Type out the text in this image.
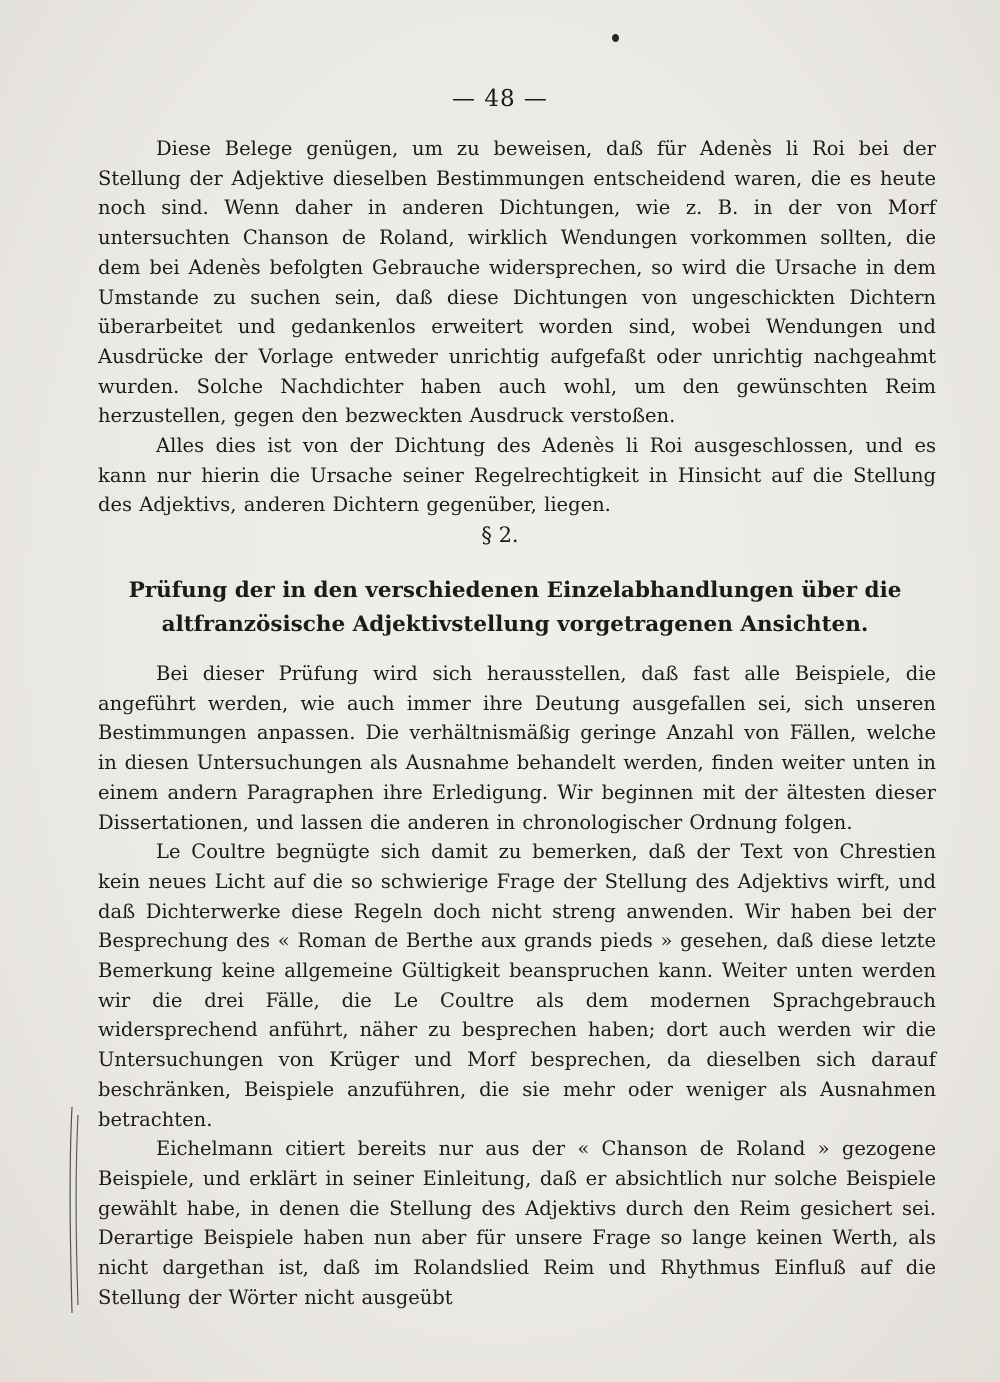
— 48 —

Diese Belege genügen, um zu beweisen, daß für Adenès li Roi bei der Stellung der Adjektive dieselben Bestimmungen entscheidend waren, die es heute noch sind. Wenn daher in anderen Dichtungen, wie z. B. in der von Morf untersuchten Chanson de Roland, wirklich Wendungen vorkommen sollten, die dem bei Adenès befolgten Gebrauche widersprechen, so wird die Ursache in dem Umstande zu suchen sein, daß diese Dichtungen von ungeschickten Dichtern überarbeitet und gedankenlos erweitert worden sind, wobei Wendungen und Ausdrücke der Vorlage entweder unrichtig aufgefaßt oder unrichtig nachgeahmt wurden. Solche Nachdichter haben auch wohl, um den gewünschten Reim herzustellen, gegen den bezweckten Ausdruck verstoßen.

Alles dies ist von der Dichtung des Adenès li Roi ausgeschlossen, und es kann nur hierin die Ursache seiner Regelrechtigkeit in Hinsicht auf die Stellung des Adjektivs, anderen Dichtern gegenüber, liegen.

§ 2.
Prüfung der in den verschiedenen Einzelabhandlungen über die altfranzösische Adjektivstellung vorgetragenen Ansichten.

Bei dieser Prüfung wird sich herausstellen, daß fast alle Beispiele, die angeführt werden, wie auch immer ihre Deutung ausgefallen sei, sich unseren Bestimmungen anpassen. Die verhältnismäßig geringe Anzahl von Fällen, welche in diesen Untersuchungen als Ausnahme behandelt werden, finden weiter unten in einem andern Paragraphen ihre Erledigung. Wir beginnen mit der ältesten dieser Dissertationen, und lassen die anderen in chronologischer Ordnung folgen.

Le Coultre begnügte sich damit zu bemerken, daß der Text von Chrestien kein neues Licht auf die so schwierige Frage der Stellung des Adjektivs wirft, und daß Dichterwerke diese Regeln doch nicht streng anwenden. Wir haben bei der Besprechung des « Roman de Berthe aux grands pieds » gesehen, daß diese letzte Bemerkung keine allgemeine Gültigkeit beanspruchen kann. Weiter unten werden wir die drei Fälle, die Le Coultre als dem modernen Sprachgebrauch widersprechend anführt, näher zu besprechen haben; dort auch werden wir die Untersuchungen von Krüger und Morf besprechen, da dieselben sich darauf beschränken, Beispiele anzuführen, die sie mehr oder weniger als Ausnahmen betrachten.

Eichelmann citiert bereits nur aus der « Chanson de Roland » gezogene Beispiele, und erklärt in seiner Einleitung, daß er absichtlich nur solche Beispiele gewählt habe, in denen die Stellung des Adjektivs durch den Reim gesichert sei. Derartige Beispiele haben nun aber für unsere Frage so lange keinen Werth, als nicht dargethan ist, daß im Rolandslied Reim und Rhythmus Einfluß auf die Stellung der Wörter nicht ausgeübt
